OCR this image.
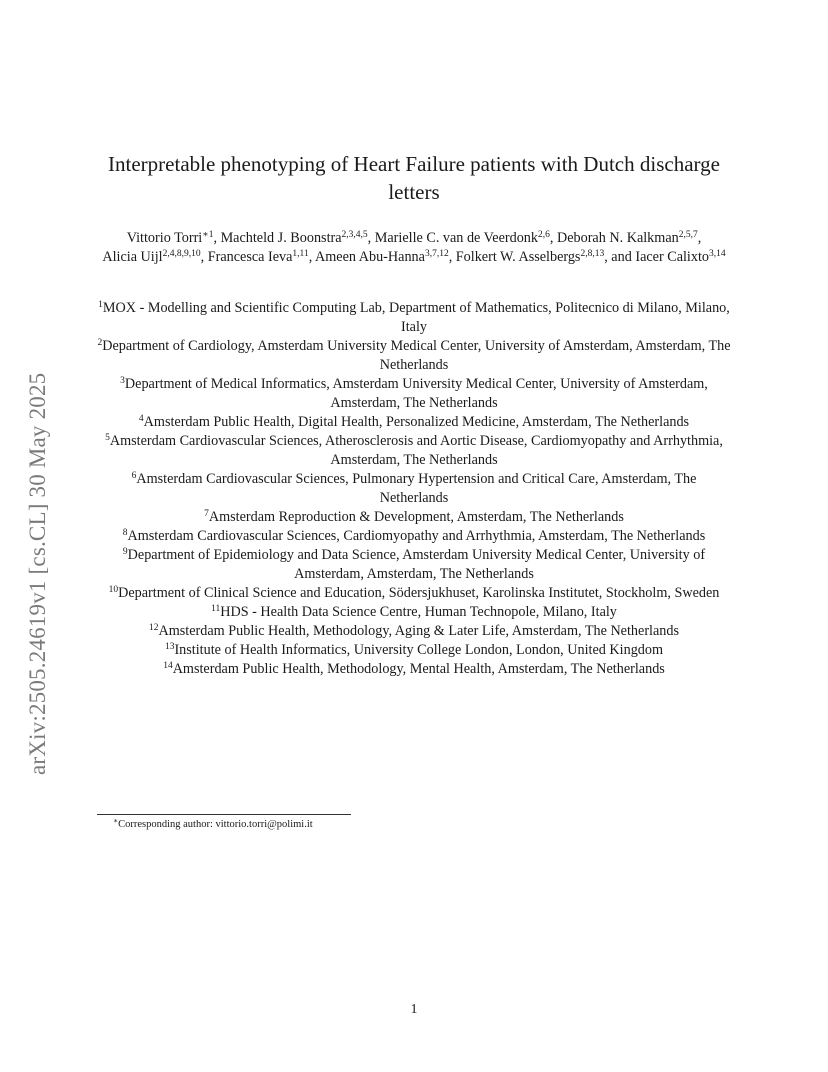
arXiv:2505.24619v1 [cs.CL] 30 May 2025
Interpretable phenotyping of Heart Failure patients with Dutch discharge letters
Vittorio Torri$^{∗1}$, Machteld J. Boonstra$^{2,3,4,5}$, Marielle C. van de Veerdonk$^{2,6}$, Deborah N. Kalkman$^{2,5,7}$, Alicia Uijl$^{2,4,8,9,10}$, Francesca Ieva$^{1,11}$, Ameen Abu-Hanna$^{3,7,12}$, Folkert W. Asselbergs$^{2,8,13}$, and Iacer Calixto$^{3,14}$
$^1$MOX - Modelling and Scientific Computing Lab, Department of Mathematics, Politecnico di Milano, Milano, Italy
$^2$Department of Cardiology, Amsterdam University Medical Center, University of Amsterdam, Amsterdam, The Netherlands
$^3$Department of Medical Informatics, Amsterdam University Medical Center, University of Amsterdam, Amsterdam, The Netherlands
$^4$Amsterdam Public Health, Digital Health, Personalized Medicine, Amsterdam, The Netherlands
$^5$Amsterdam Cardiovascular Sciences, Atherosclerosis and Aortic Disease, Cardiomyopathy and Arrhythmia, Amsterdam, The Netherlands
$^6$Amsterdam Cardiovascular Sciences, Pulmonary Hypertension and Critical Care, Amsterdam, The Netherlands
$^7$Amsterdam Reproduction & Development, Amsterdam, The Netherlands
$^8$Amsterdam Cardiovascular Sciences, Cardiomyopathy and Arrhythmia, Amsterdam, The Netherlands
$^9$Department of Epidemiology and Data Science, Amsterdam University Medical Center, University of Amsterdam, Amsterdam, The Netherlands
$^{10}$Department of Clinical Science and Education, Södersjukhuset, Karolinska Institutet, Stockholm, Sweden
$^{11}$HDS - Health Data Science Centre, Human Technopole, Milano, Italy
$^{12}$Amsterdam Public Health, Methodology, Aging & Later Life, Amsterdam, The Netherlands
$^{13}$Institute of Health Informatics, University College London, London, United Kingdom
$^{14}$Amsterdam Public Health, Methodology, Mental Health, Amsterdam, The Netherlands
∗Corresponding author: vittorio.torri@polimi.it
1
